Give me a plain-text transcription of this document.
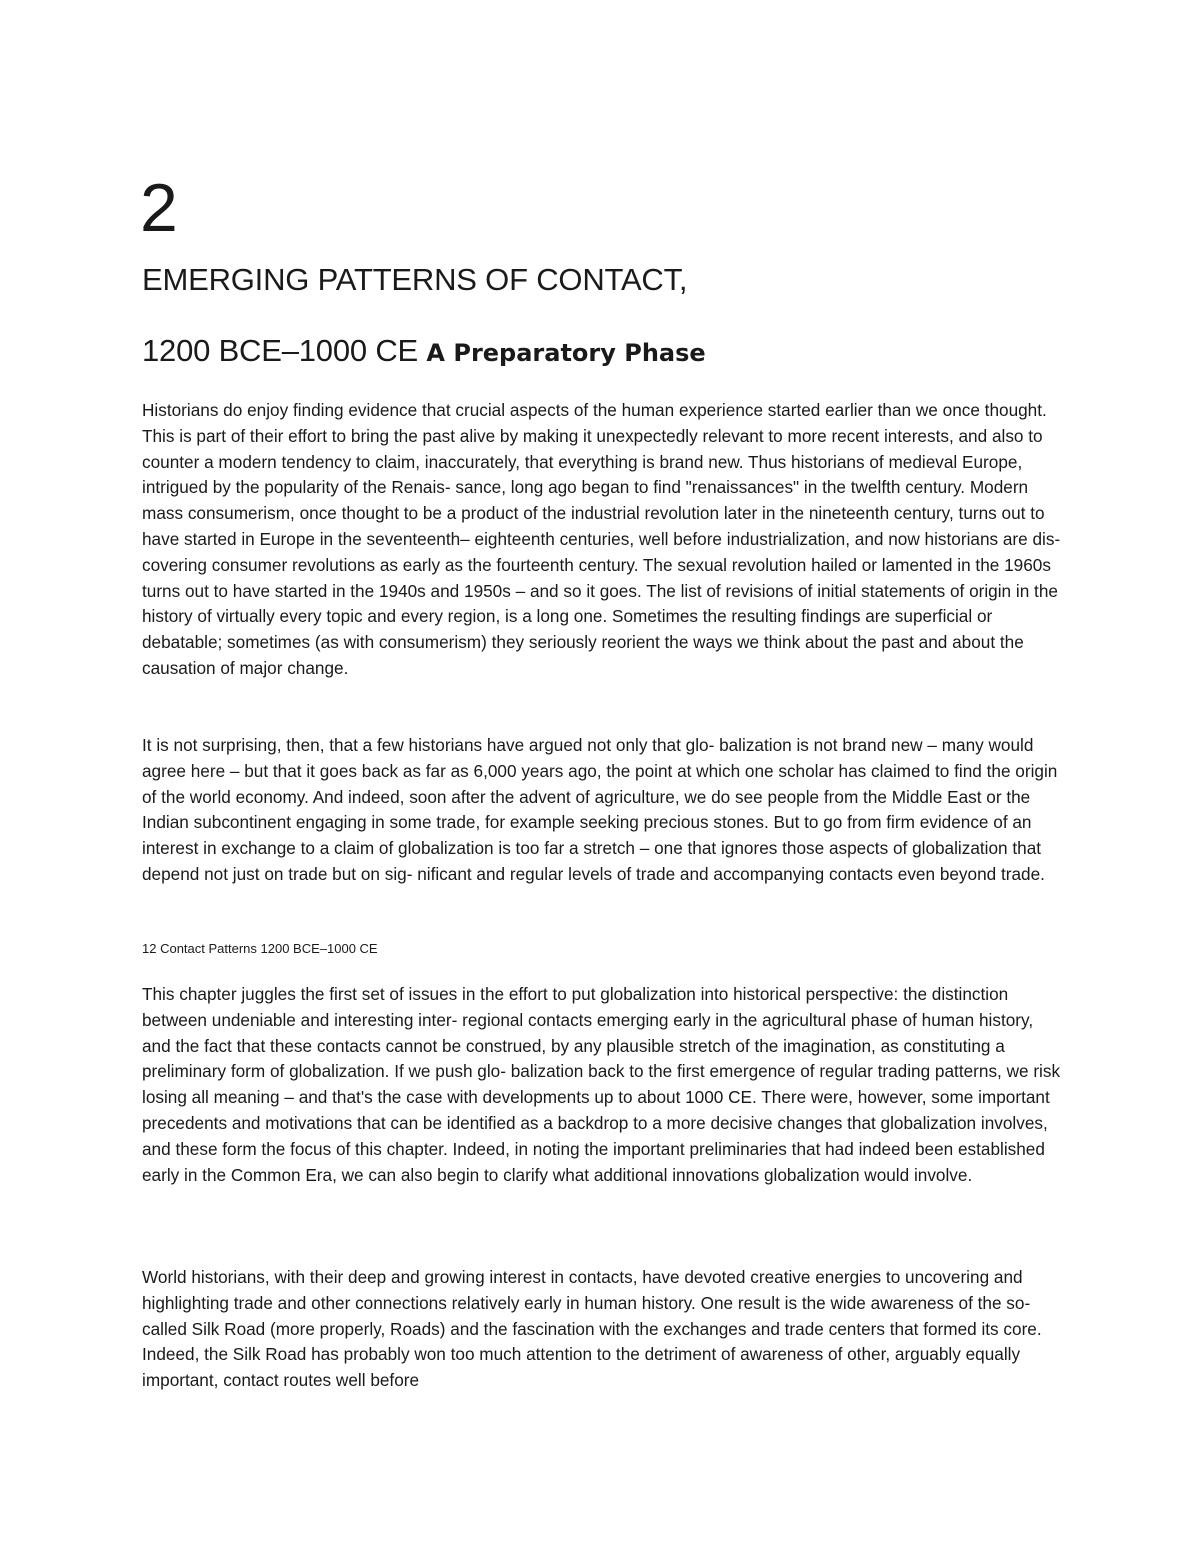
2
EMERGING PATTERNS OF CONTACT,
1200 BCE–1000 CE A Preparatory Phase

Historians do enjoy finding evidence that crucial aspects of the human experience started earlier than we once thought. This is part of their effort to bring the past alive by making it unexpectedly relevant to more recent interests, and also to counter a modern tendency to claim, inaccurately, that everything is brand new. Thus historians of medieval Europe, intrigued by the popularity of the Renais- sance, long ago began to find "renaissances" in the twelfth century. Modern mass consumerism, once thought to be a product of the industrial revolution later in the nineteenth century, turns out to have started in Europe in the seventeenth– eighteenth centuries, well before industrialization, and now historians are dis- covering consumer revolutions as early as the fourteenth century. The sexual revolution hailed or lamented in the 1960s turns out to have started in the 1940s and 1950s – and so it goes. The list of revisions of initial statements of origin in the history of virtually every topic and every region, is a long one. Sometimes the resulting findings are superficial or debatable; sometimes (as with consumerism) they seriously reorient the ways we think about the past and about the causation of major change.

It is not surprising, then, that a few historians have argued not only that glo- balization is not brand new – many would agree here – but that it goes back as far as 6,000 years ago, the point at which one scholar has claimed to find the origin of the world economy. And indeed, soon after the advent of agriculture, we do see people from the Middle East or the Indian subcontinent engaging in some trade, for example seeking precious stones. But to go from firm evidence of an interest in exchange to a claim of globalization is too far a stretch – one that ignores those aspects of globalization that depend not just on trade but on sig- nificant and regular levels of trade and accompanying contacts even beyond trade.

12 Contact Patterns 1200 BCE–1000 CE

This chapter juggles the first set of issues in the effort to put globalization into historical perspective: the distinction between undeniable and interesting inter- regional contacts emerging early in the agricultural phase of human history, and the fact that these contacts cannot be construed, by any plausible stretch of the imagination, as constituting a preliminary form of globalization. If we push glo- balization back to the first emergence of regular trading patterns, we risk losing all meaning – and that's the case with developments up to about 1000 CE. There were, however, some important precedents and motivations that can be identified as a backdrop to a more decisive changes that globalization involves, and these form the focus of this chapter. Indeed, in noting the important preliminaries that had indeed been established early in the Common Era, we can also begin to clarify what additional innovations globalization would involve.

World historians, with their deep and growing interest in contacts, have devoted creative energies to uncovering and highlighting trade and other connections relatively early in human history. One result is the wide awareness of the so-called Silk Road (more properly, Roads) and the fascination with the exchanges and trade centers that formed its core. Indeed, the Silk Road has probably won too much attention to the detriment of awareness of other, arguably equally important, contact routes well before
